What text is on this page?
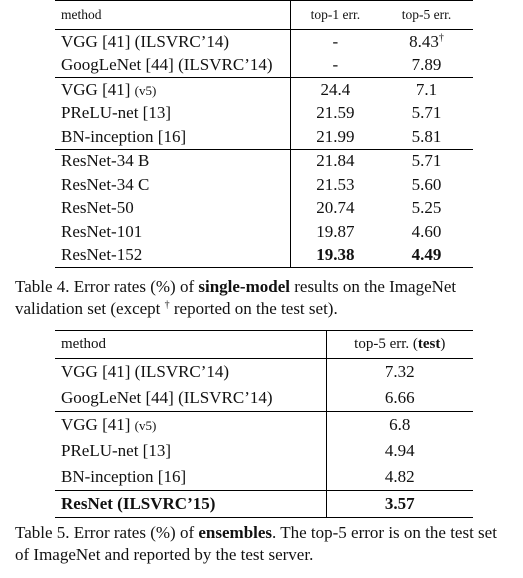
method	top-1 err.	top-5 err.
VGG [41] (ILSVRC’14)	-	8.43†
GoogLeNet [44] (ILSVRC’14)	-	7.89
VGG [41] (v5)	24.4	7.1
PReLU-net [13]	21.59	5.71
BN-inception [16]	21.99	5.81
ResNet-34 B	21.84	5.71
ResNet-34 C	21.53	5.60
ResNet-50	20.74	5.25
ResNet-101	19.87	4.60
ResNet-152	19.38	4.49

Table 4. Error rates (%) of single-model results on the ImageNet validation set (except † reported on the test set).

method	top-5 err. (test)
VGG [41] (ILSVRC’14)	7.32
GoogLeNet [44] (ILSVRC’14)	6.66
VGG [41] (v5)	6.8
PReLU-net [13]	4.94
BN-inception [16]	4.82
ResNet (ILSVRC’15)	3.57

Table 5. Error rates (%) of ensembles. The top-5 error is on the test set of ImageNet and reported by the test server.
